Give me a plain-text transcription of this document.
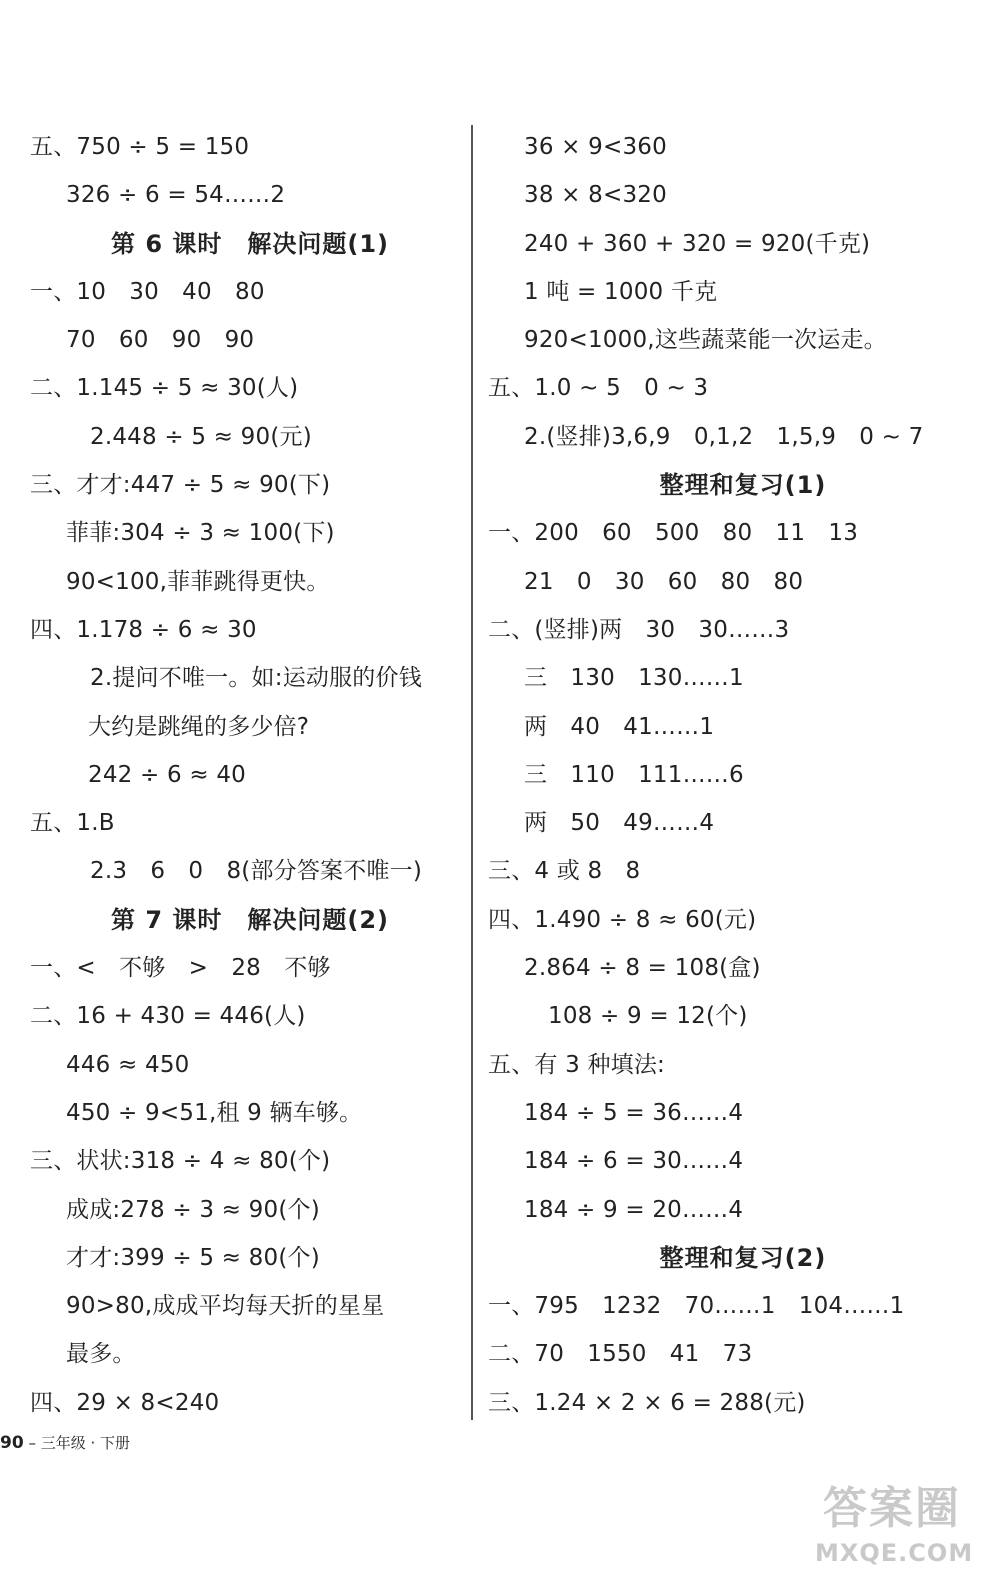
五、750 ÷ 5 = 150
326 ÷ 6 = 54……2
第 6 课时　解决问题(1)
一、10　30　40　80
70　60　90　90
二、1.145 ÷ 5 ≈ 30(人)
2.448 ÷ 5 ≈ 90(元)
三、才才:447 ÷ 5 ≈ 90(下)
菲菲:304 ÷ 3 ≈ 100(下)
90<100,菲菲跳得更快。
四、1.178 ÷ 6 ≈ 30
2.提问不唯一。如:运动服的价钱
大约是跳绳的多少倍?
242 ÷ 6 ≈ 40
五、1.B
2.3　6　0　8(部分答案不唯一)
第 7 课时　解决问题(2)
一、<　不够　>　28　不够
二、16 + 430 = 446(人)
446 ≈ 450
450 ÷ 9<51,租 9 辆车够。
三、状状:318 ÷ 4 ≈ 80(个)
成成:278 ÷ 3 ≈ 90(个)
才才:399 ÷ 5 ≈ 80(个)
90>80,成成平均每天折的星星
最多。
四、29 × 8<240
36 × 9<360
38 × 8<320
240 + 360 + 320 = 920(千克)
1 吨 = 1000 千克
920<1000,这些蔬菜能一次运走。
五、1.0 ~ 5　0 ~ 3
2.(竖排)3,6,9　0,1,2　1,5,9　0 ~ 7
整理和复习(1)
一、200　60　500　80　11　13
21　0　30　60　80　80
二、(竖排)两　30　30……3
三　130　130……1
两　40　41……1
三　110　111……6
两　50　49……4
三、4 或 8　8
四、1.490 ÷ 8 ≈ 60(元)
2.864 ÷ 8 = 108(盒)
108 ÷ 9 = 12(个)
五、有 3 种填法:
184 ÷ 5 = 36……4
184 ÷ 6 = 30……4
184 ÷ 9 = 20……4
整理和复习(2)
一、795　1232　70……1　104……1
二、70　1550　41　73
三、1.24 × 2 × 6 = 288(元)
90 – 三年级 · 下册
答案圈
MXQE.COM
